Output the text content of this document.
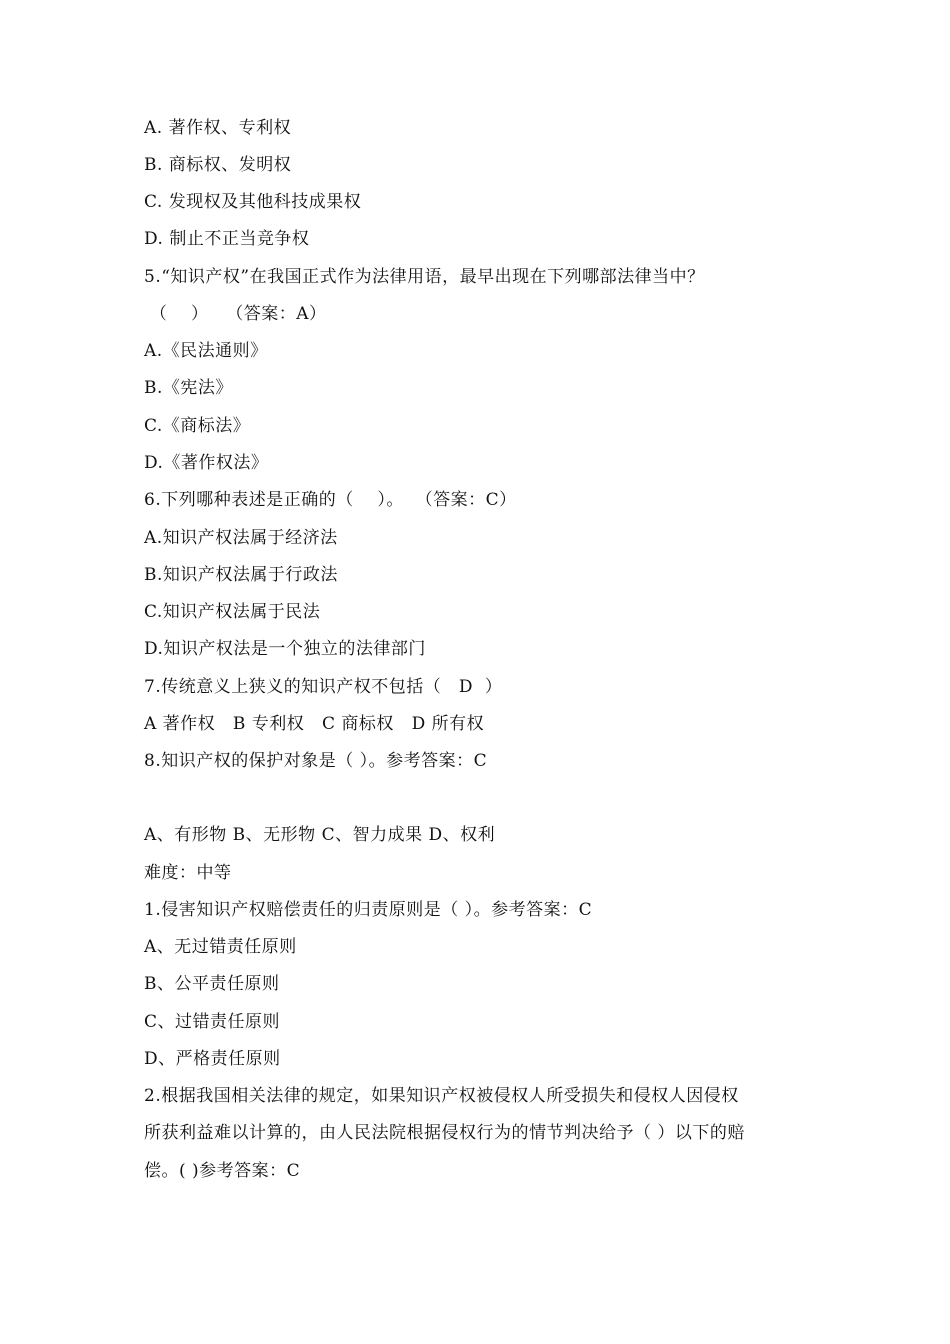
A. 著作权、专利权
B. 商标权、发明权
C. 发现权及其他科技成果权
D. 制止不正当竞争权
5.“知识产权”在我国正式作为法律用语，最早出现在下列哪部法律当中？
（    ）   （答案：A）
A.《民法通则》
B.《宪法》
C.《商标法》
D.《著作权法》
6.下列哪种表述是正确的（    ）。  （答案：C）
A.知识产权法属于经济法
B.知识产权法属于行政法
C.知识产权法属于民法
D.知识产权法是一个独立的法律部门
7.传统意义上狭义的知识产权不包括（   D  ）
A 著作权   B 专利权   C 商标权   D 所有权
8.知识产权的保护对象是（ ）。参考答案：C
A、有形物 B、无形物 C、智力成果 D、权利
难度：中等
1.侵害知识产权赔偿责任的归责原则是（ ）。参考答案：C
A、无过错责任原则
B、公平责任原则
C、过错责任原则
D、严格责任原则
2.根据我国相关法律的规定，如果知识产权被侵权人所受损失和侵权人因侵权
所获利益难以计算的，由人民法院根据侵权行为的情节判决给予（ ）以下的赔
偿。( )参考答案：C
